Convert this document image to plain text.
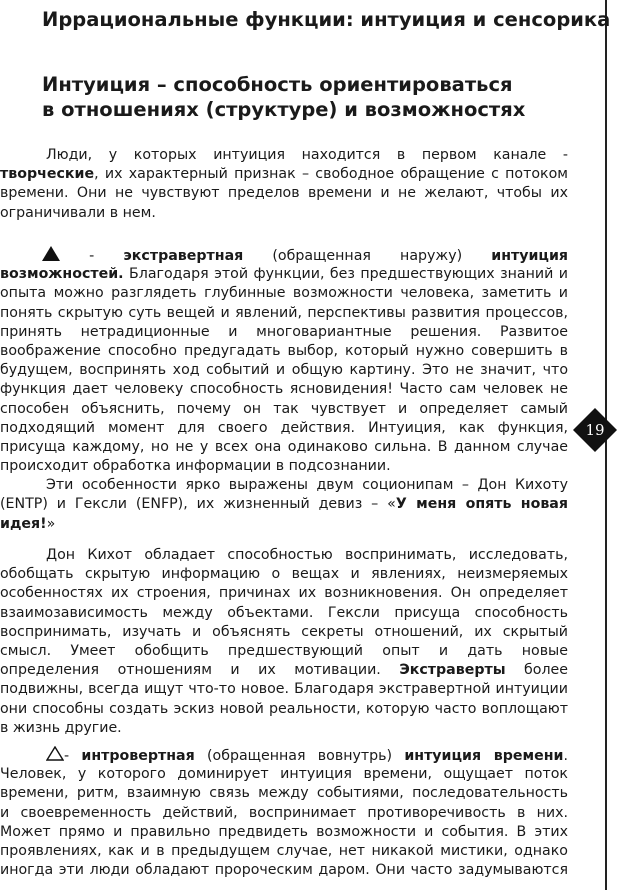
19
Иррациональные функции: интуиция и сенсорика
Интуиция – способность ориентироваться
в отношениях (структуре) и возможностях
Люди, у которых интуиция находится в первом канале -
творческие, их характерный признак – свободное обращение с потоком
времени. Они не чувствуют пределов времени и не желают, чтобы их
ограничивали в нем.
- экстравертная (обращенная наружу) интуиция
возможностей. Благодаря этой функции, без предшествующих знаний и
опыта можно разглядеть глубинные возможности человека, заметить и
понять скрытую суть вещей и явлений, перспективы развития процессов,
принять нетрадиционные и многовариантные решения. Развитое
воображение способно предугадать выбор, который нужно совершить в
будущем, воспринять ход событий и общую картину. Это не значит, что
функция дает человеку способность ясновидения! Часто сам человек не
способен объяснить, почему он так чувствует и определяет самый
подходящий момент для своего действия. Интуиция, как функция,
присуща каждому, но не у всех она одинаково сильна. В данном случае
происходит обработка информации в подсознании.
Эти особенности ярко выражены двум соционипам – Дон Кихоту
(ENTP) и Гексли (ENFP), их жизненный девиз – «У меня опять новая
идея!»
Дон Кихот обладает способностью воспринимать, исследовать,
обобщать скрытую информацию о вещах и явлениях, неизмеряемых
особенностях их строения, причинах их возникновения. Он определяет
взаимозависимость между объектами. Гексли присуща способность
воспринимать, изучать и объяснять секреты отношений, их скрытый
смысл. Умеет обобщить предшествующий опыт и дать новые
определения отношениям и их мотивации. Экстраверты более
подвижны, всегда ищут что-то новое. Благодаря экстравертной интуиции
они способны создать эскиз новой реальности, которую часто воплощают
в жизнь другие.
- интровертная (обращенная вовнутрь) интуиция времени.
Человек, у которого доминирует интуиция времени, ощущает поток
времени, ритм, взаимную связь между событиями, последовательность
и своевременность действий, воспринимает противоречивость в них.
Может прямо и правильно предвидеть возможности и события. В этих
проявлениях, как и в предыдущем случае, нет никакой мистики, однако
иногда эти люди обладают пророческим даром. Они часто задумываются
